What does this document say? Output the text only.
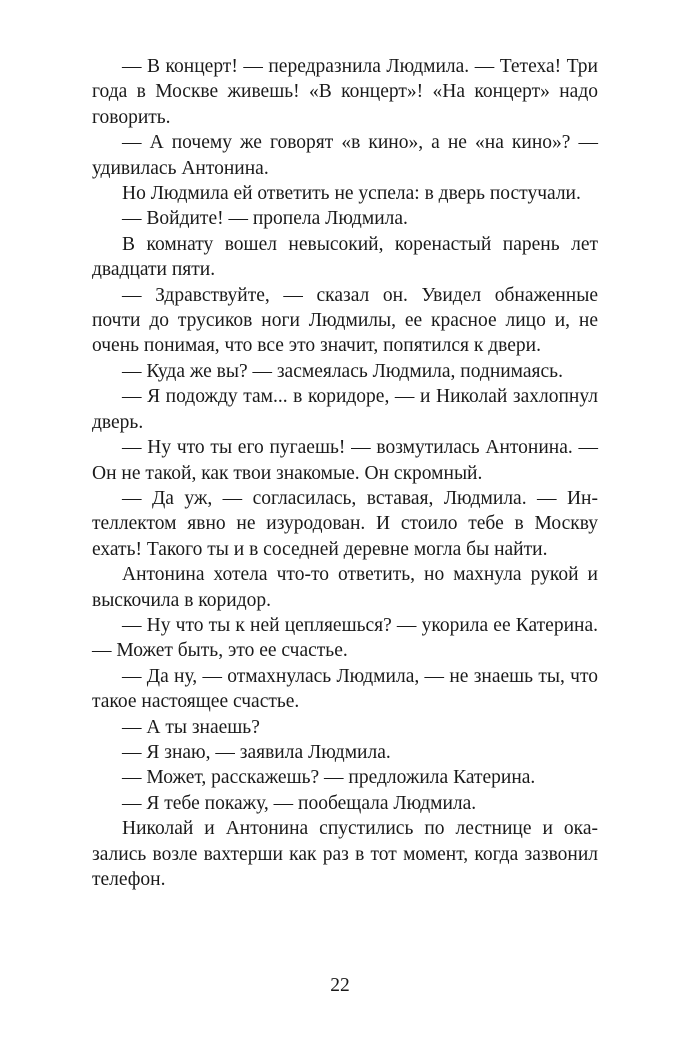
— В концерт! — передразнила Людмила. — Тетеха! Три года в Москве живешь! «В концерт»! «На концерт» надо говорить.

— А почему же говорят «в кино», а не «на кино»? — удивилась Антонина.

Но Людмила ей ответить не успела: в дверь постучали.

— Войдите! — пропела Людмила.

В комнату вошел невысокий, коренастый парень лет двадцати пяти.

— Здравствуйте, — сказал он. Увидел обнаженные почти до трусиков ноги Людмилы, ее красное лицо и, не очень понимая, что все это значит, попятился к двери.

— Куда же вы? — засмеялась Людмила, поднимаясь.

— Я подожду там... в коридоре, — и Николай захлопнул дверь.

— Ну что ты его пугаешь! — возмутилась Антонина. — Он не такой, как твои знакомые. Он скромный.

— Да уж, — согласилась, вставая, Людмила. — Интеллектом явно не изуродован. И стоило тебе в Москву ехать! Такого ты и в соседней деревне могла бы найти.

Антонина хотела что-то ответить, но махнула рукой и выскочила в коридор.

— Ну что ты к ней цепляешься? — укорила ее Катерина. — Может быть, это ее счастье.

— Да ну, — отмахнулась Людмила, — не знаешь ты, что такое настоящее счастье.

— А ты знаешь?

— Я знаю, — заявила Людмила.

— Может, расскажешь? — предложила Катерина.

— Я тебе покажу, — пообещала Людмила.

Николай и Антонина спустились по лестнице и оказались возле вахтерши как раз в тот момент, когда зазвонил телефон.

22
